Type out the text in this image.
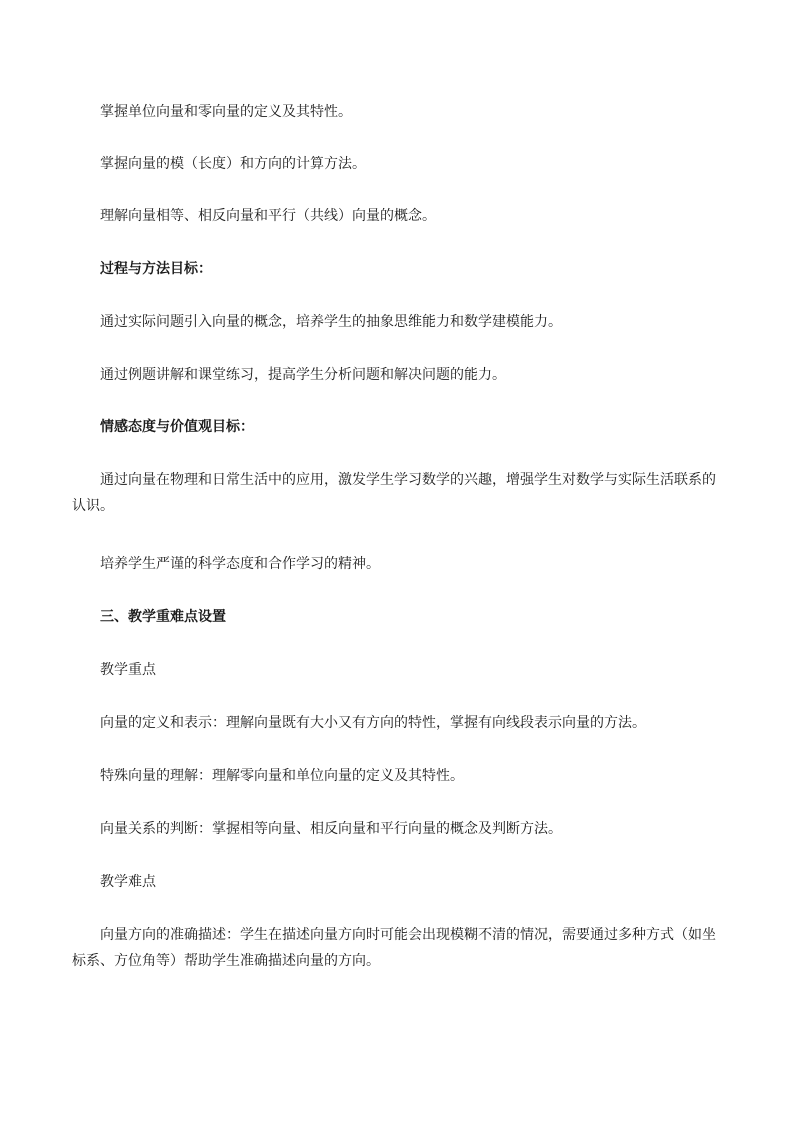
掌握单位向量和零向量的定义及其特性。

掌握向量的模（长度）和方向的计算方法。

理解向量相等、相反向量和平行（共线）向量的概念。

过程与方法目标：

通过实际问题引入向量的概念，培养学生的抽象思维能力和数学建模能力。

通过例题讲解和课堂练习，提高学生分析问题和解决问题的能力。

情感态度与价值观目标：

通过向量在物理和日常生活中的应用，激发学生学习数学的兴趣，增强学生对数学与实际生活联系的认识。

培养学生严谨的科学态度和合作学习的精神。

三、教学重难点设置

教学重点

向量的定义和表示：理解向量既有大小又有方向的特性，掌握有向线段表示向量的方法。

特殊向量的理解：理解零向量和单位向量的定义及其特性。

向量关系的判断：掌握相等向量、相反向量和平行向量的概念及判断方法。

教学难点

向量方向的准确描述：学生在描述向量方向时可能会出现模糊不清的情况，需要通过多种方式（如坐标系、方位角等）帮助学生准确描述向量的方向。
